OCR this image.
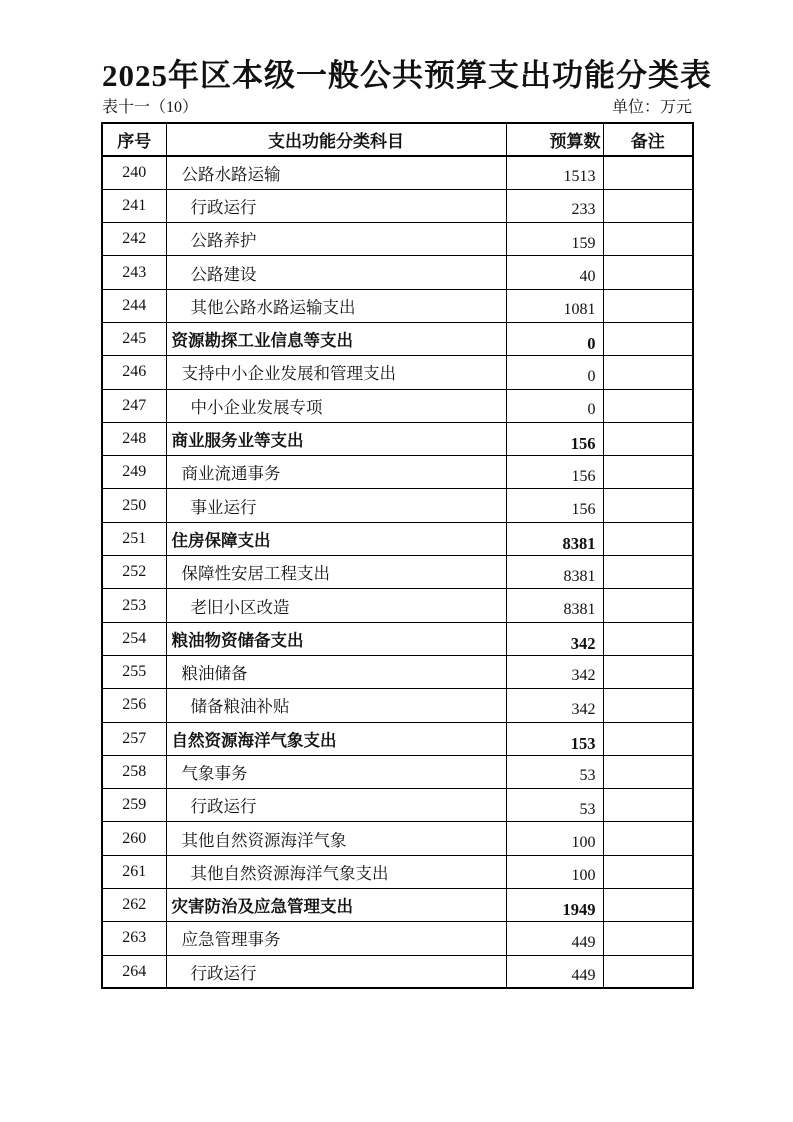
2025年区本级一般公共预算支出功能分类表
表十一（10）	单位：万元
序号	支出功能分类科目	预算数	备注
240	公路水路运输	1513	
241	行政运行	233	
242	公路养护	159	
243	公路建设	40	
244	其他公路水路运输支出	1081	
245	资源勘探工业信息等支出	0	
246	支持中小企业发展和管理支出	0	
247	中小企业发展专项	0	
248	商业服务业等支出	156	
249	商业流通事务	156	
250	事业运行	156	
251	住房保障支出	8381	
252	保障性安居工程支出	8381	
253	老旧小区改造	8381	
254	粮油物资储备支出	342	
255	粮油储备	342	
256	储备粮油补贴	342	
257	自然资源海洋气象支出	153	
258	气象事务	53	
259	行政运行	53	
260	其他自然资源海洋气象	100	
261	其他自然资源海洋气象支出	100	
262	灾害防治及应急管理支出	1949	
263	应急管理事务	449	
264	行政运行	449	
